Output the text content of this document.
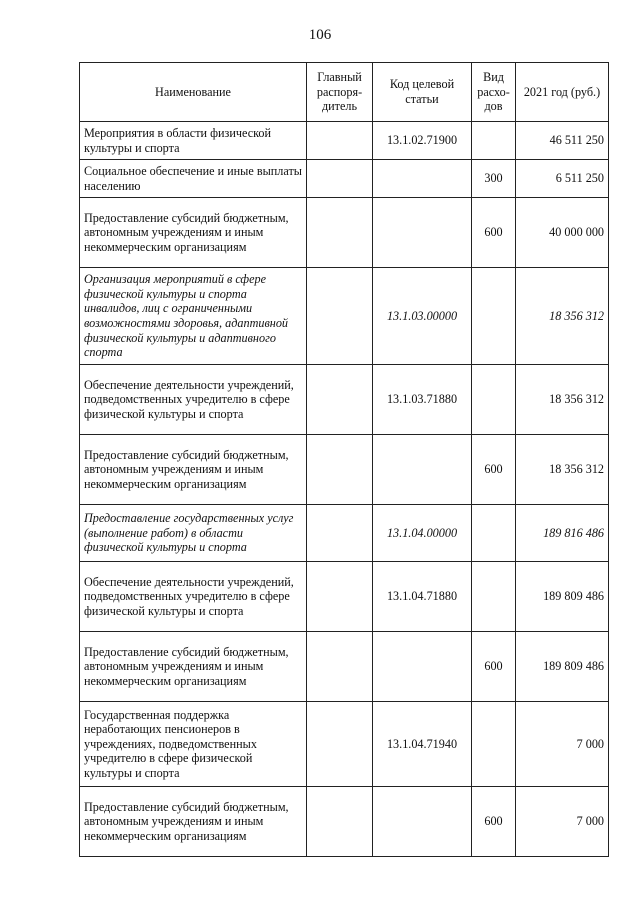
106
Наименование	Главный распоря-дитель	Код целевой статьи	Вид расхо-дов	2021 год (руб.)
Мероприятия в области физической культуры и спорта		13.1.02.71900		46 511 250
Социальное обеспечение и иные выплаты населению			300	6 511 250
Предоставление субсидий бюджетным, автономным учреждениям и иным некоммерческим организациям			600	40 000 000
Организация мероприятий в сфере физической культуры и спорта инвалидов, лиц с ограниченными возможностями здоровья, адаптивной физической культуры и адаптивного спорта		13.1.03.00000		18 356 312
Обеспечение деятельности учреждений, подведомственных учредителю в сфере физической культуры и спорта		13.1.03.71880		18 356 312
Предоставление субсидий бюджетным, автономным учреждениям и иным некоммерческим организациям			600	18 356 312
Предоставление государственных услуг (выполнение работ) в области физической культуры и спорта		13.1.04.00000		189 816 486
Обеспечение деятельности учреждений, подведомственных учредителю в сфере физической культуры и спорта		13.1.04.71880		189 809 486
Предоставление субсидий бюджетным, автономным учреждениям и иным некоммерческим организациям			600	189 809 486
Государственная поддержка неработающих пенсионеров в учреждениях, подведомственных учредителю в сфере физической культуры и спорта		13.1.04.71940		7 000
Предоставление субсидий бюджетным, автономным учреждениям и иным некоммерческим организациям			600	7 000
